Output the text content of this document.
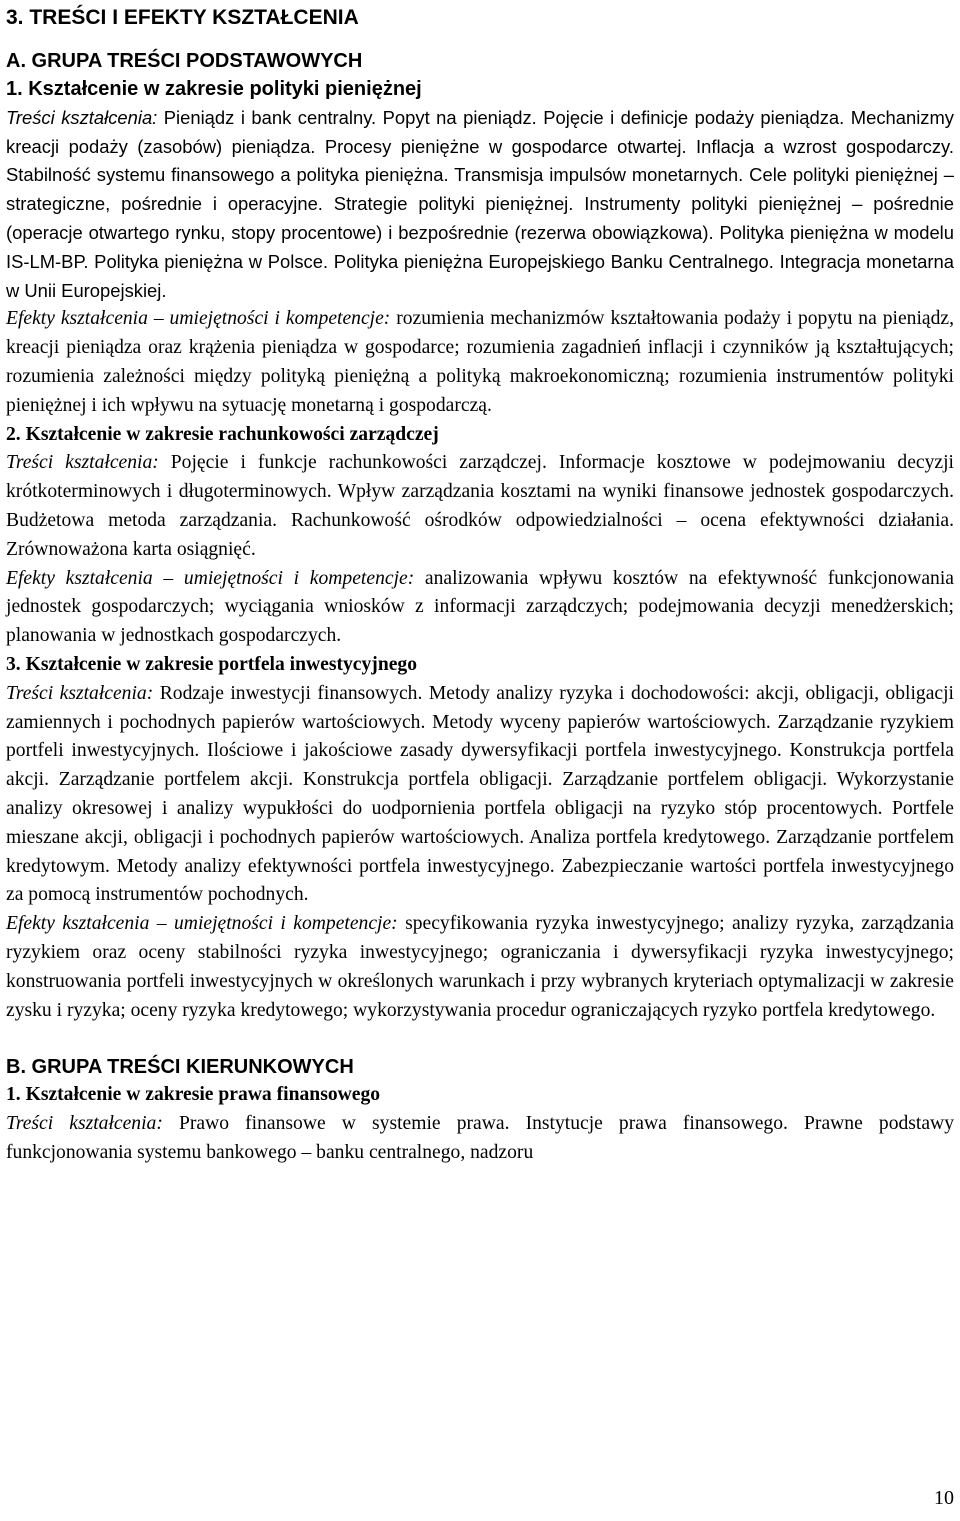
3. TREŚCI I EFEKTY KSZTAŁCENIA
A. GRUPA TREŚCI PODSTAWOWYCH
1. Kształcenie w zakresie polityki pieniężnej

Treści kształcenia: Pieniądz i bank centralny. Popyt na pieniądz. Pojęcie i definicje podaży pieniądza. Mechanizmy kreacji podaży (zasobów) pieniądza. Procesy pieniężne w gospodarce otwartej. Inflacja a wzrost gospodarczy. Stabilność systemu finansowego a polityka pieniężna. Transmisja impulsów monetarnych. Cele polityki pieniężnej – strategiczne, pośrednie i operacyjne. Strategie polityki pieniężnej. Instrumenty polityki pieniężnej – pośrednie (operacje otwartego rynku, stopy procentowe) i bezpośrednie (rezerwa obowiązkowa). Polityka pieniężna w modelu IS-LM-BP. Polityka pieniężna w Polsce. Polityka pieniężna Europejskiego Banku Centralnego. Integracja monetarna w Unii Europejskiej.

Efekty kształcenia – umiejętności i kompetencje: rozumienia mechanizmów kształtowania podaży i popytu na pieniądz, kreacji pieniądza oraz krążenia pieniądza w gospodarce; rozumienia zagadnień inflacji i czynników ją kształtujących; rozumienia zależności między polityką pieniężną a polityką makroekonomiczną; rozumienia instrumentów polityki pieniężnej i ich wpływu na sytuację monetarną i gospodarczą.

2. Kształcenie w zakresie rachunkowości zarządczej

Treści kształcenia: Pojęcie i funkcje rachunkowości zarządczej. Informacje kosztowe w podejmowaniu decyzji krótkoterminowych i długoterminowych. Wpływ zarządzania kosztami na wyniki finansowe jednostek gospodarczych. Budżetowa metoda zarządzania. Rachunkowość ośrodków odpowiedzialności – ocena efektywności działania. Zrównoważona karta osiągnięć.

Efekty kształcenia – umiejętności i kompetencje: analizowania wpływu kosztów na efektywność funkcjonowania jednostek gospodarczych; wyciągania wniosków z informacji zarządczych; podejmowania decyzji menedżerskich; planowania w jednostkach gospodarczych.

3. Kształcenie w zakresie portfela inwestycyjnego

Treści kształcenia: Rodzaje inwestycji finansowych. Metody analizy ryzyka i dochodowości: akcji, obligacji, obligacji zamiennych i pochodnych papierów wartościowych. Metody wyceny papierów wartościowych. Zarządzanie ryzykiem portfeli inwestycyjnych. Ilościowe i jakościowe zasady dywersyfikacji portfela inwestycyjnego. Konstrukcja portfela akcji. Zarządzanie portfelem akcji. Konstrukcja portfela obligacji. Zarządzanie portfelem obligacji. Wykorzystanie analizy okresowej i analizy wypukłości do uodpornienia portfela obligacji na ryzyko stóp procentowych. Portfele mieszane akcji, obligacji i pochodnych papierów wartościowych. Analiza portfela kredytowego. Zarządzanie portfelem kredytowym. Metody analizy efektywności portfela inwestycyjnego. Zabezpieczanie wartości portfela inwestycyjnego za pomocą instrumentów pochodnych.

Efekty kształcenia – umiejętności i kompetencje: specyfikowania ryzyka inwestycyjnego; analizy ryzyka, zarządzania ryzykiem oraz oceny stabilności ryzyka inwestycyjnego; ograniczania i dywersyfikacji ryzyka inwestycyjnego; konstruowania portfeli inwestycyjnych w określonych warunkach i przy wybranych kryteriach optymalizacji w zakresie zysku i ryzyka; oceny ryzyka kredytowego; wykorzystywania procedur ograniczających ryzyko portfela kredytowego.

B. GRUPA TREŚCI KIERUNKOWYCH
1. Kształcenie w zakresie prawa finansowego

Treści kształcenia: Prawo finansowe w systemie prawa. Instytucje prawa finansowego. Prawne podstawy funkcjonowania systemu bankowego – banku centralnego, nadzoru

10
